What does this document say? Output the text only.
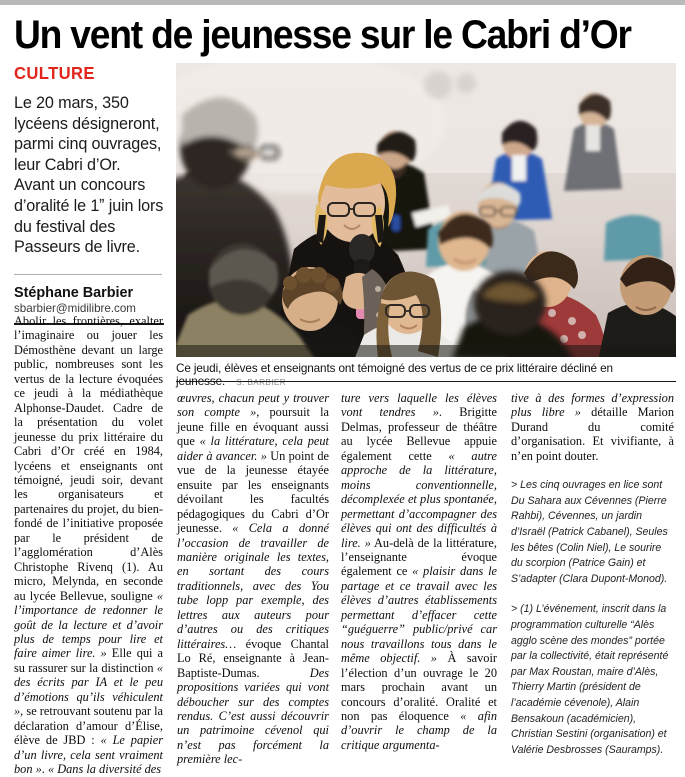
Un vent de jeunesse sur le Cabri d’Or
CULTURE
Le 20 mars, 350 lycéens désigneront, parmi cinq ouvrages, leur Cabri d’Or. Avant un concours d’oralité le 1ˮ juin lors du festival des Passeurs de livre.
Stéphane Barbier
sbarbier@midilibre.com
Ce jeudi, élèves et enseignants ont témoigné des vertus de ce prix littéraire décliné en jeunesse. S. BARBIER

Abolir les frontières, exalter l’imaginaire ou jouer les Démosthène devant un large public, nombreuses sont les vertus de la lecture évoquées ce jeudi à la médiathèque Alphonse-Daudet. Cadre de la présentation du volet jeunesse du prix littéraire du Cabri d’Or créé en 1984, lycéens et enseignants ont témoigné, jeudi soir, devant les organisateurs et partenaires du projet, du bien-fondé de l’initiative proposée par le président de l’agglomération d’Alès Christophe Rivenq (1). Au micro, Melynda, en seconde au lycée Bellevue, souligne « l’importance de redonner le goût de la lecture et d’avoir plus de temps pour lire et faire aimer lire. » Elle qui a su rassurer sur la distinction « des écrits par IA et le peu d’émotions qu’ils véhiculent », se retrouvant soutenu par la déclaration d’amour d’Élise, élève de JBD : « Le papier d’un livre, cela sent vraiment bon ». « Dans la diversité des

œuvres, chacun peut y trouver son compte », poursuit la jeune fille en évoquant aussi que « la littérature, cela peut aider à avancer. » Un point de vue de la jeunesse étayée ensuite par les enseignants dévoilant les facultés pédagogiques du Cabri d’Or jeunesse. « Cela a donné l’occasion de travailler de manière originale les textes, en sortant des cours traditionnels, avec des You tube lopp par exemple, des lettres aux auteurs pour d’autres ou des critiques littéraires… évoque Chantal Lo Ré, enseignante à Jean-Baptiste-Dumas. Des propositions variées qui vont déboucher sur des comptes rendus. C’est aussi découvrir un patrimoine cévenol qui n’est pas forcément la première lec-

ture vers laquelle les élèves vont tendres ». Brigitte Delmas, professeur de théâtre au lycée Bellevue appuie également cette « autre approche de la littérature, moins conventionnelle, décomplexée et plus spontanée, permettant d’accompagner des élèves qui ont des difficultés à lire. » Au-delà de la littérature, l’enseignante évoque également ce « plaisir dans le partage et ce travail avec les élèves d’autres établissements permettant d’effacer cette “guéguerre” public/privé car nous travaillons tous dans le même objectif. » À savoir l’élection d’un ouvrage le 20 mars prochain avant un concours d’oralité. Oralité et non pas éloquence « afin d’ouvrir le champ de la critique argumenta-

tive à des formes d’expression plus libre » détaille Marion Durand du comité d’organisation. Et vivifiante, à n’en point douter.

> Les cinq ouvrages en lice sont Du Sahara aux Cévennes (Pierre Rahbi), Cévennes, un jardin d’Israël (Patrick Cabanel), Seules les bêtes (Colin Niel), Le sourire du scorpion (Patrice Gain) et S’adapter (Clara Dupont-Monod).
> (1) L’événement, inscrit dans la programmation culturelle “Alès agglo scène des mondes” portée par la collectivité, était représenté par Max Roustan, maire d’Alès, Thierry Martin (président de l’académie cévenole), Alain Bensakoun (académicien), Christian Sestini (organisation) et Valérie Desbrosses (Sauramps).
